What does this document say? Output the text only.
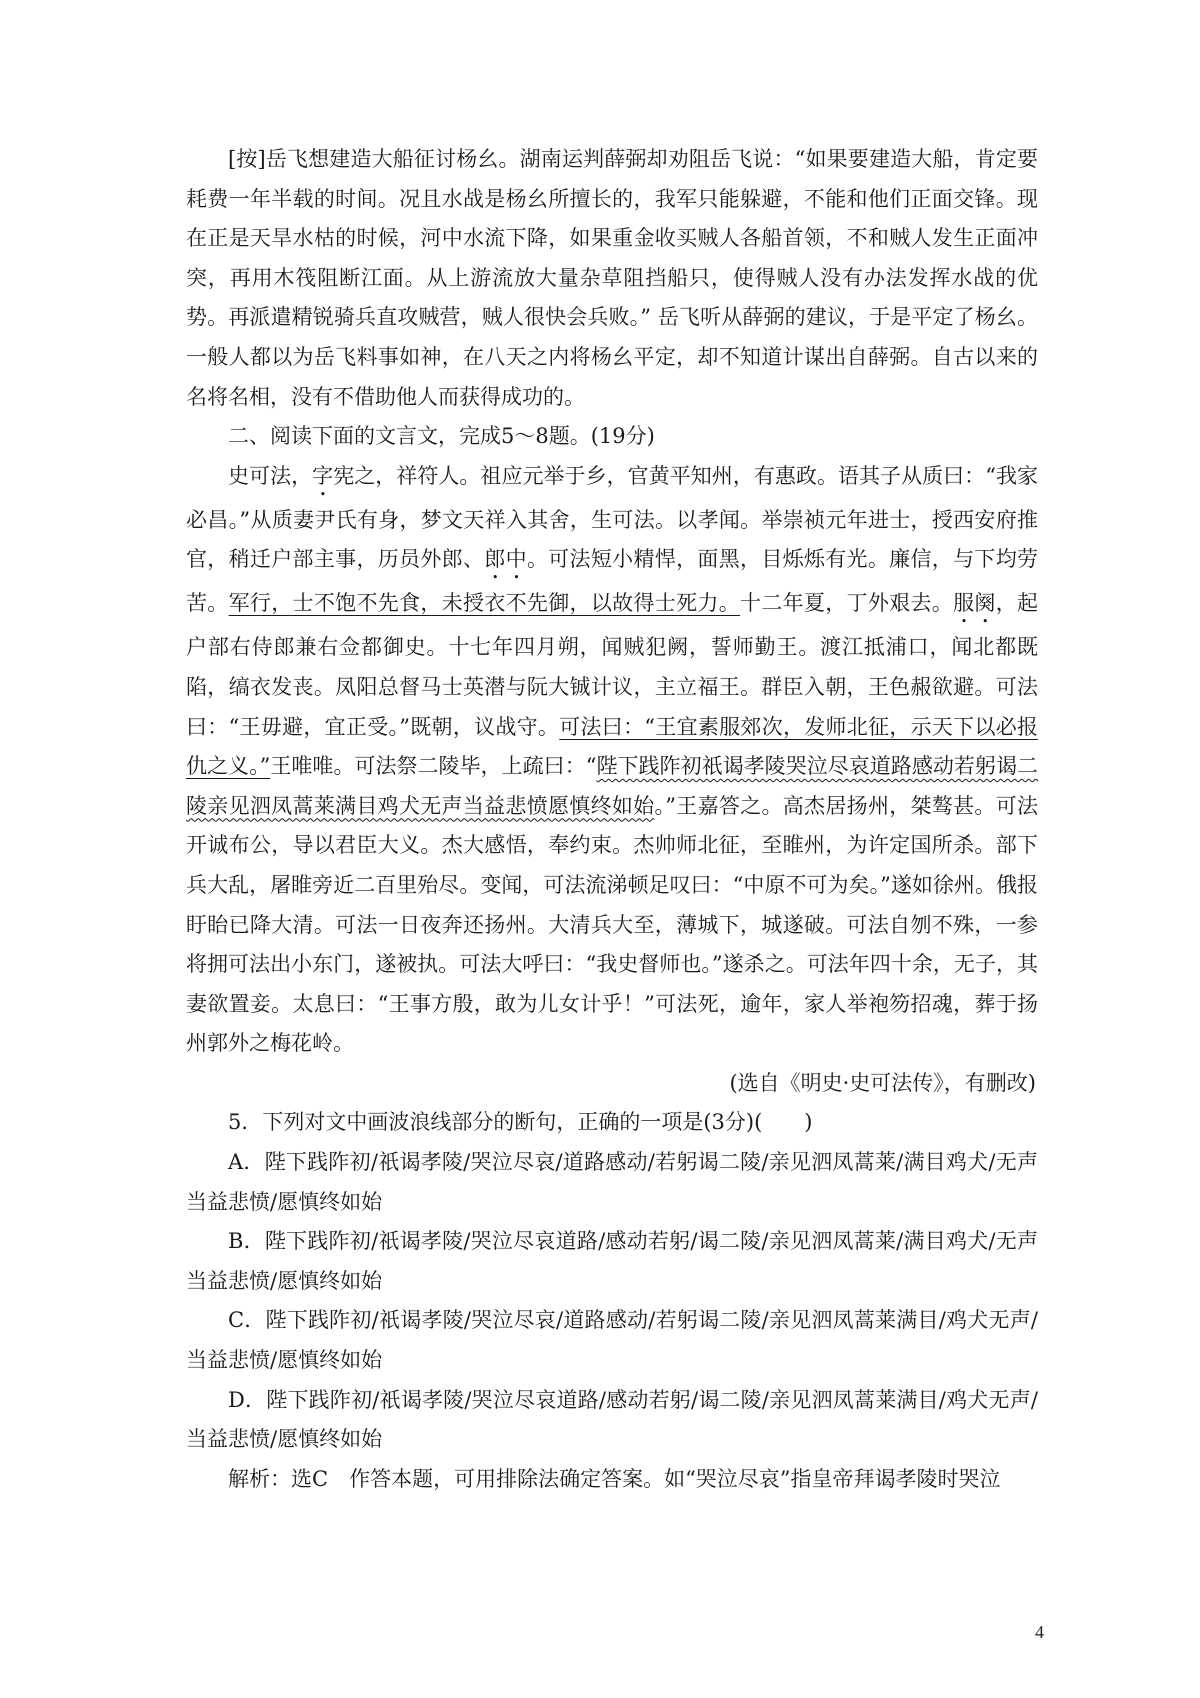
[按]岳飞想建造大船征讨杨幺。湖南运判薛弼却劝阻岳飞说：“如果要建造大船，肯定要耗费一年半载的时间。况且水战是杨幺所擅长的，我军只能躲避，不能和他们正面交锋。现在正是天旱水枯的时候，河中水流下降，如果重金收买贼人各船首领，不和贼人发生正面冲突，再用木筏阻断江面。从上游流放大量杂草阻挡船只，使得贼人没有办法发挥水战的优势。再派遣精锐骑兵直攻贼营，贼人很快会兵败。” 岳飞听从薛弼的建议，于是平定了杨幺。一般人都以为岳飞料事如神，在八天之内将杨幺平定，却不知道计谋出自薛弼。自古以来的名将名相，没有不借助他人而获得成功的。

二、阅读下面的文言文，完成5～8题。(19分)

史可法，字宪之，祥符人。祖应元举于乡，官黄平知州，有惠政。语其子从质曰：“我家必昌。”从质妻尹氏有身，梦文天祥入其舍，生可法。以孝闻。举崇祯元年进士，授西安府推官，稍迁户部主事，历员外郎、郎中。可法短小精悍，面黑，目烁烁有光。廉信，与下均劳苦。军行，士不饱不先食，未授衣不先御，以故得士死力。十二年夏，丁外艰去。服阕，起户部右侍郎兼右佥都御史。十七年四月朔，闻贼犯阙，誓师勤王。渡江抵浦口，闻北都既陷，缟衣发丧。凤阳总督马士英潜与阮大铖计议，主立福王。群臣入朝，王色赧欲避。可法曰：“王毋避，宜正受。”既朝，议战守。可法曰：“王宜素服郊次，发师北征，示天下以必报仇之义。”王唯唯。可法祭二陵毕，上疏曰：“陛下践阼初祇谒孝陵哭泣尽哀道路感动若躬谒二陵亲见泗凤蒿莱满目鸡犬无声当益悲愤愿慎终如始。”王嘉答之。高杰居扬州，桀骜甚。可法开诚布公，导以君臣大义。杰大感悟，奉约束。杰帅师北征，至睢州，为许定国所杀。部下兵大乱，屠睢旁近二百里殆尽。变闻，可法流涕顿足叹曰：“中原不可为矣。”遂如徐州。俄报盱眙已降大清。可法一日夜奔还扬州。大清兵大至，薄城下，城遂破。可法自刎不殊，一参将拥可法出小东门，遂被执。可法大呼曰：“我史督师也。”遂杀之。可法年四十余，无子，其妻欲置妾。太息曰：“王事方殷，敢为儿女计乎！”可法死，逾年，家人举袍笏招魂，葬于扬州郭外之梅花岭。

(选自《明史·史可法传》，有删改)

5．下列对文中画波浪线部分的断句，正确的一项是(3分)(　　)

A．陛下践阼初/祇谒孝陵/哭泣尽哀/道路感动/若躬谒二陵/亲见泗凤蒿莱/满目鸡犬/无声当益悲愤/愿慎终如始

B．陛下践阼初/祇谒孝陵/哭泣尽哀道路/感动若躬/谒二陵/亲见泗凤蒿莱/满目鸡犬/无声当益悲愤/愿慎终如始

C．陛下践阼初/祇谒孝陵/哭泣尽哀/道路感动/若躬谒二陵/亲见泗凤蒿莱满目/鸡犬无声/当益悲愤/愿慎终如始

D．陛下践阼初/祇谒孝陵/哭泣尽哀道路/感动若躬/谒二陵/亲见泗凤蒿莱满目/鸡犬无声/当益悲愤/愿慎终如始

解析：选C　作答本题，可用排除法确定答案。如“哭泣尽哀”指皇帝拜谒孝陵时哭泣

4
